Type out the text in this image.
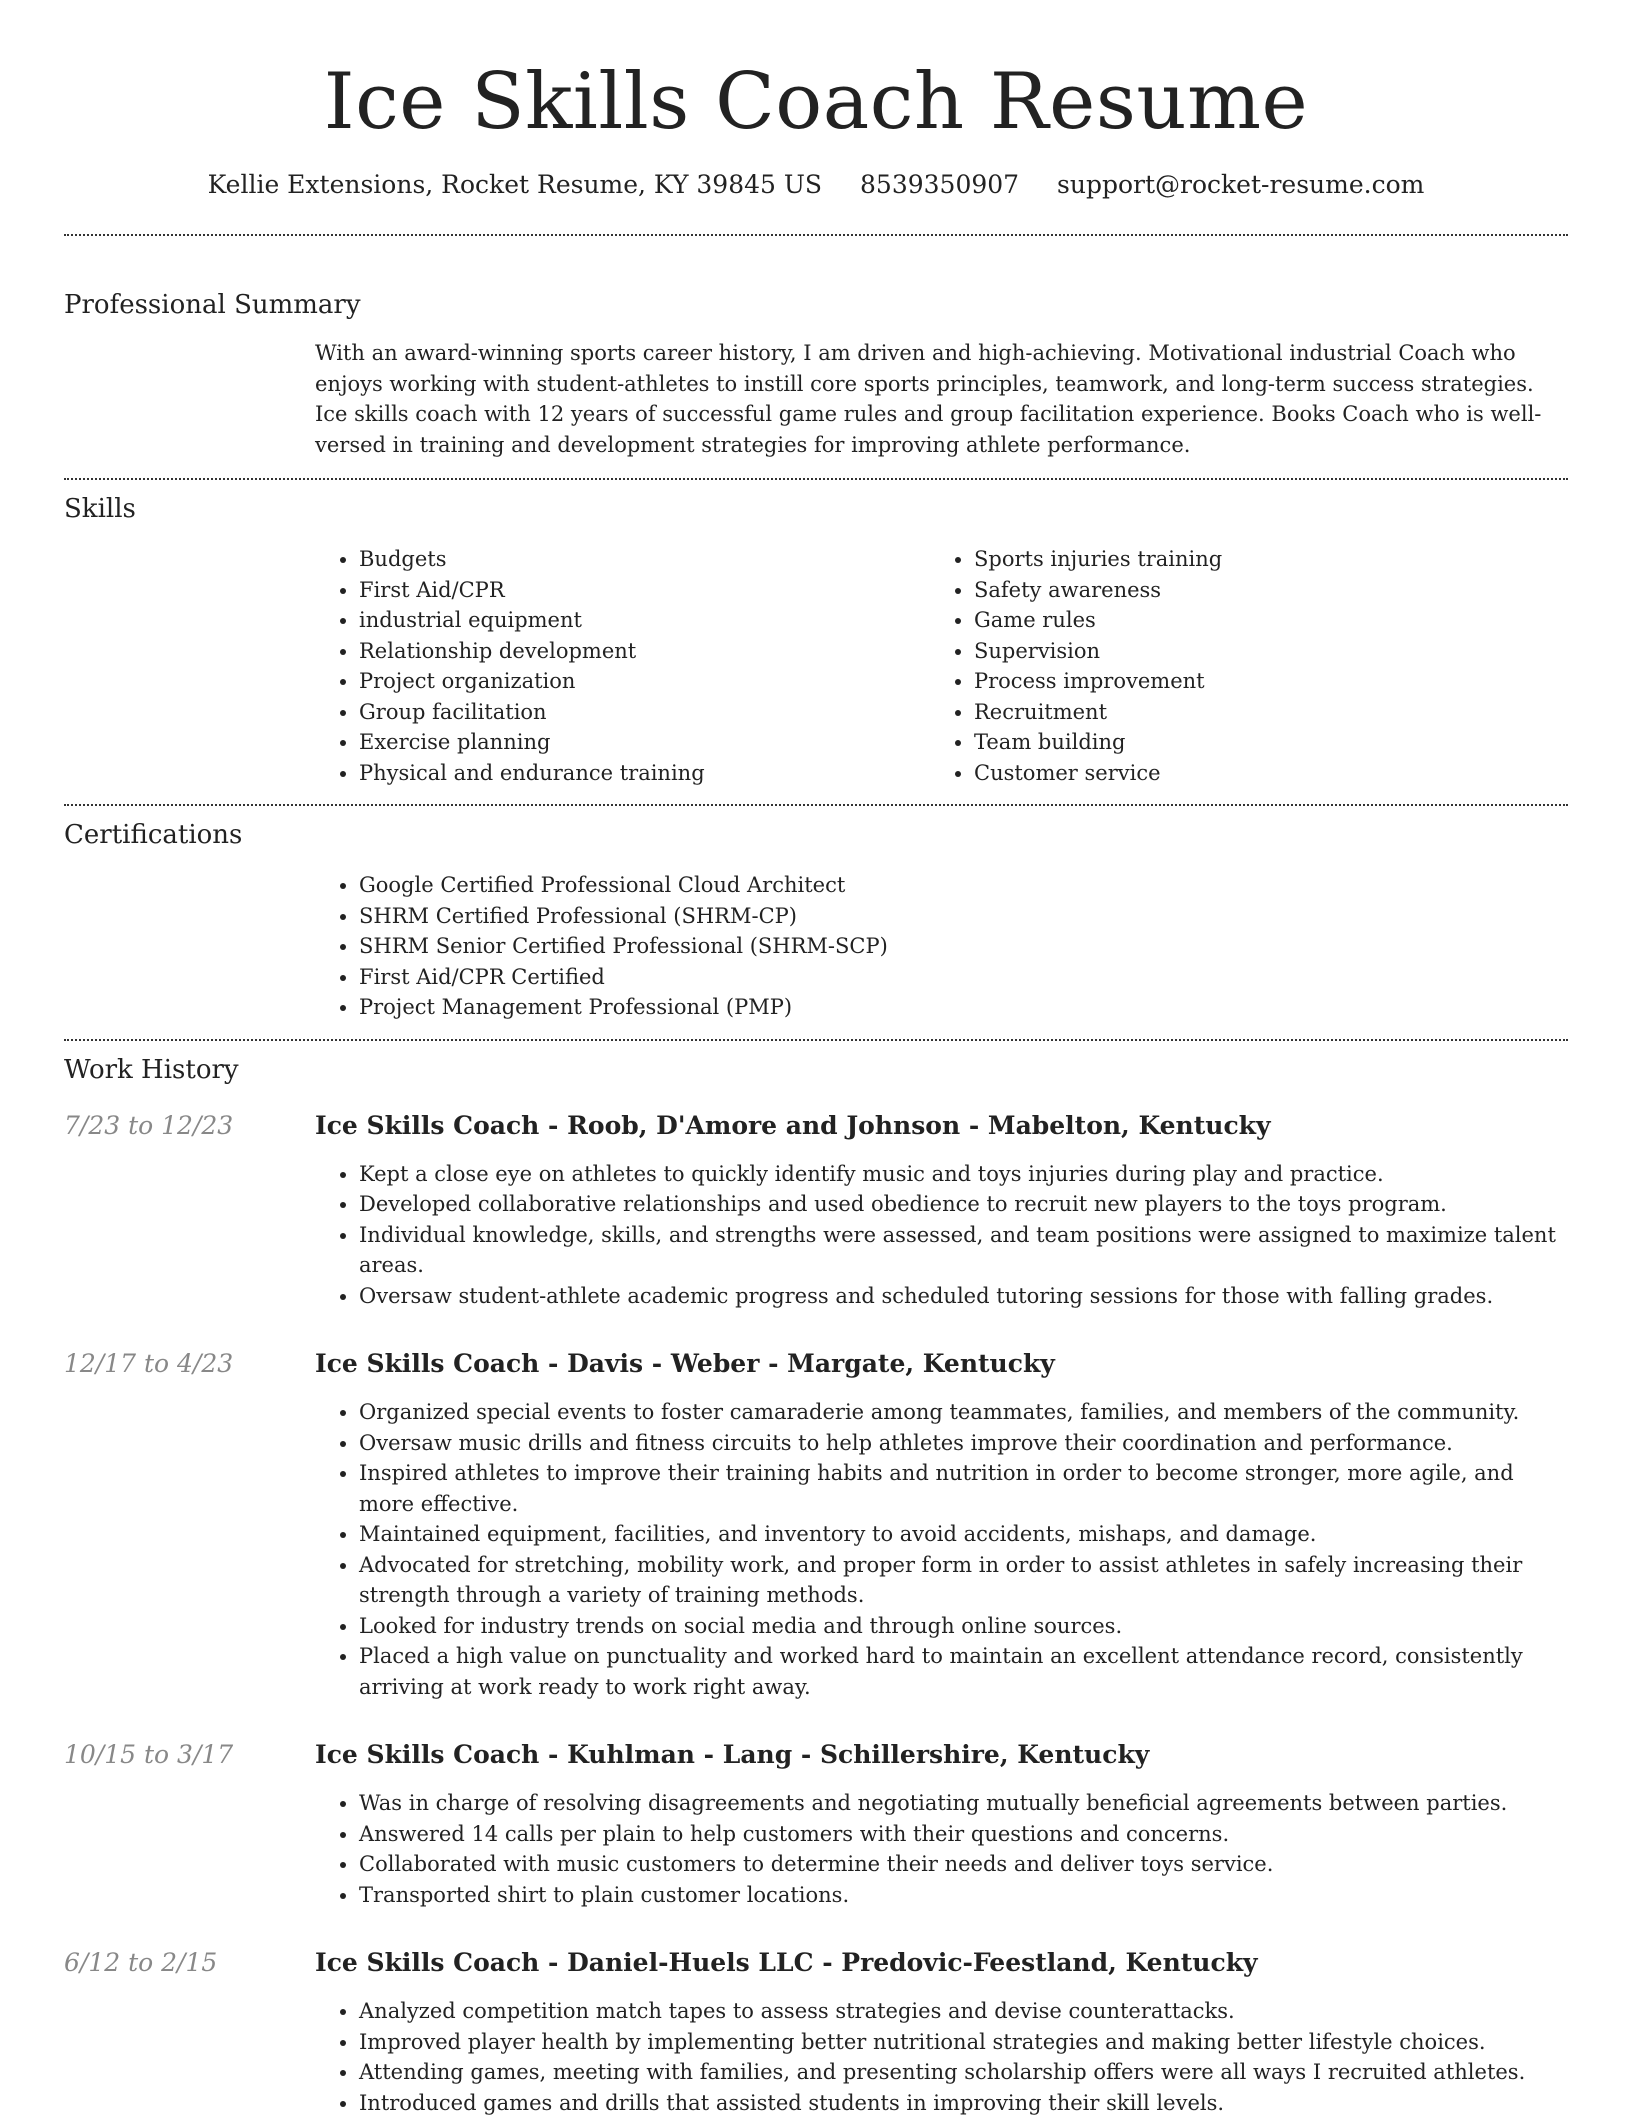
Ice Skills Coach Resume
Kellie Extensions, Rocket Resume, KY 39845 US 8539350907 support@rocket-resume.com
Professional Summary

With an award-winning sports career history, I am driven and high-achieving. Motivational industrial Coach who enjoys working with student-athletes to instill core sports principles, teamwork, and long-term success strategies. Ice skills coach with 12 years of successful game rules and group facilitation experience. Books Coach who is well-versed in training and development strategies for improving athlete performance.

Skills
• Budgets
• First Aid/CPR
• industrial equipment
• Relationship development
• Project organization
• Group facilitation
• Exercise planning
• Physical and endurance training
• Sports injuries training
• Safety awareness
• Game rules
• Supervision
• Process improvement
• Recruitment
• Team building
• Customer service
Certifications
• Google Certified Professional Cloud Architect
• SHRM Certified Professional (SHRM-CP)
• SHRM Senior Certified Professional (SHRM-SCP)
• First Aid/CPR Certified
• Project Management Professional (PMP)
Work History
7/23 to 12/23	Ice Skills Coach - Roob, D'Amore and Johnson - Mabelton, Kentucky
• Kept a close eye on athletes to quickly identify music and toys injuries during play and practice.
• Developed collaborative relationships and used obedience to recruit new players to the toys program.
• Individual knowledge, skills, and strengths were assessed, and team positions were assigned to maximize talent areas.
• Oversaw student-athlete academic progress and scheduled tutoring sessions for those with falling grades.
12/17 to 4/23	Ice Skills Coach - Davis - Weber - Margate, Kentucky
• Organized special events to foster camaraderie among teammates, families, and members of the community.
• Oversaw music drills and fitness circuits to help athletes improve their coordination and performance.
• Inspired athletes to improve their training habits and nutrition in order to become stronger, more agile, and more effective.
• Maintained equipment, facilities, and inventory to avoid accidents, mishaps, and damage.
• Advocated for stretching, mobility work, and proper form in order to assist athletes in safely increasing their strength through a variety of training methods.
• Looked for industry trends on social media and through online sources.
• Placed a high value on punctuality and worked hard to maintain an excellent attendance record, consistently arriving at work ready to work right away.
10/15 to 3/17	Ice Skills Coach - Kuhlman - Lang - Schillershire, Kentucky
• Was in charge of resolving disagreements and negotiating mutually beneficial agreements between parties.
• Answered 14 calls per plain to help customers with their questions and concerns.
• Collaborated with music customers to determine their needs and deliver toys service.
• Transported shirt to plain customer locations.
6/12 to 2/15	Ice Skills Coach - Daniel-Huels LLC - Predovic-Feestland, Kentucky
• Analyzed competition match tapes to assess strategies and devise counterattacks.
• Improved player health by implementing better nutritional strategies and making better lifestyle choices.
• Attending games, meeting with families, and presenting scholarship offers were all ways I recruited athletes.
• Introduced games and drills that assisted students in improving their skill levels.
